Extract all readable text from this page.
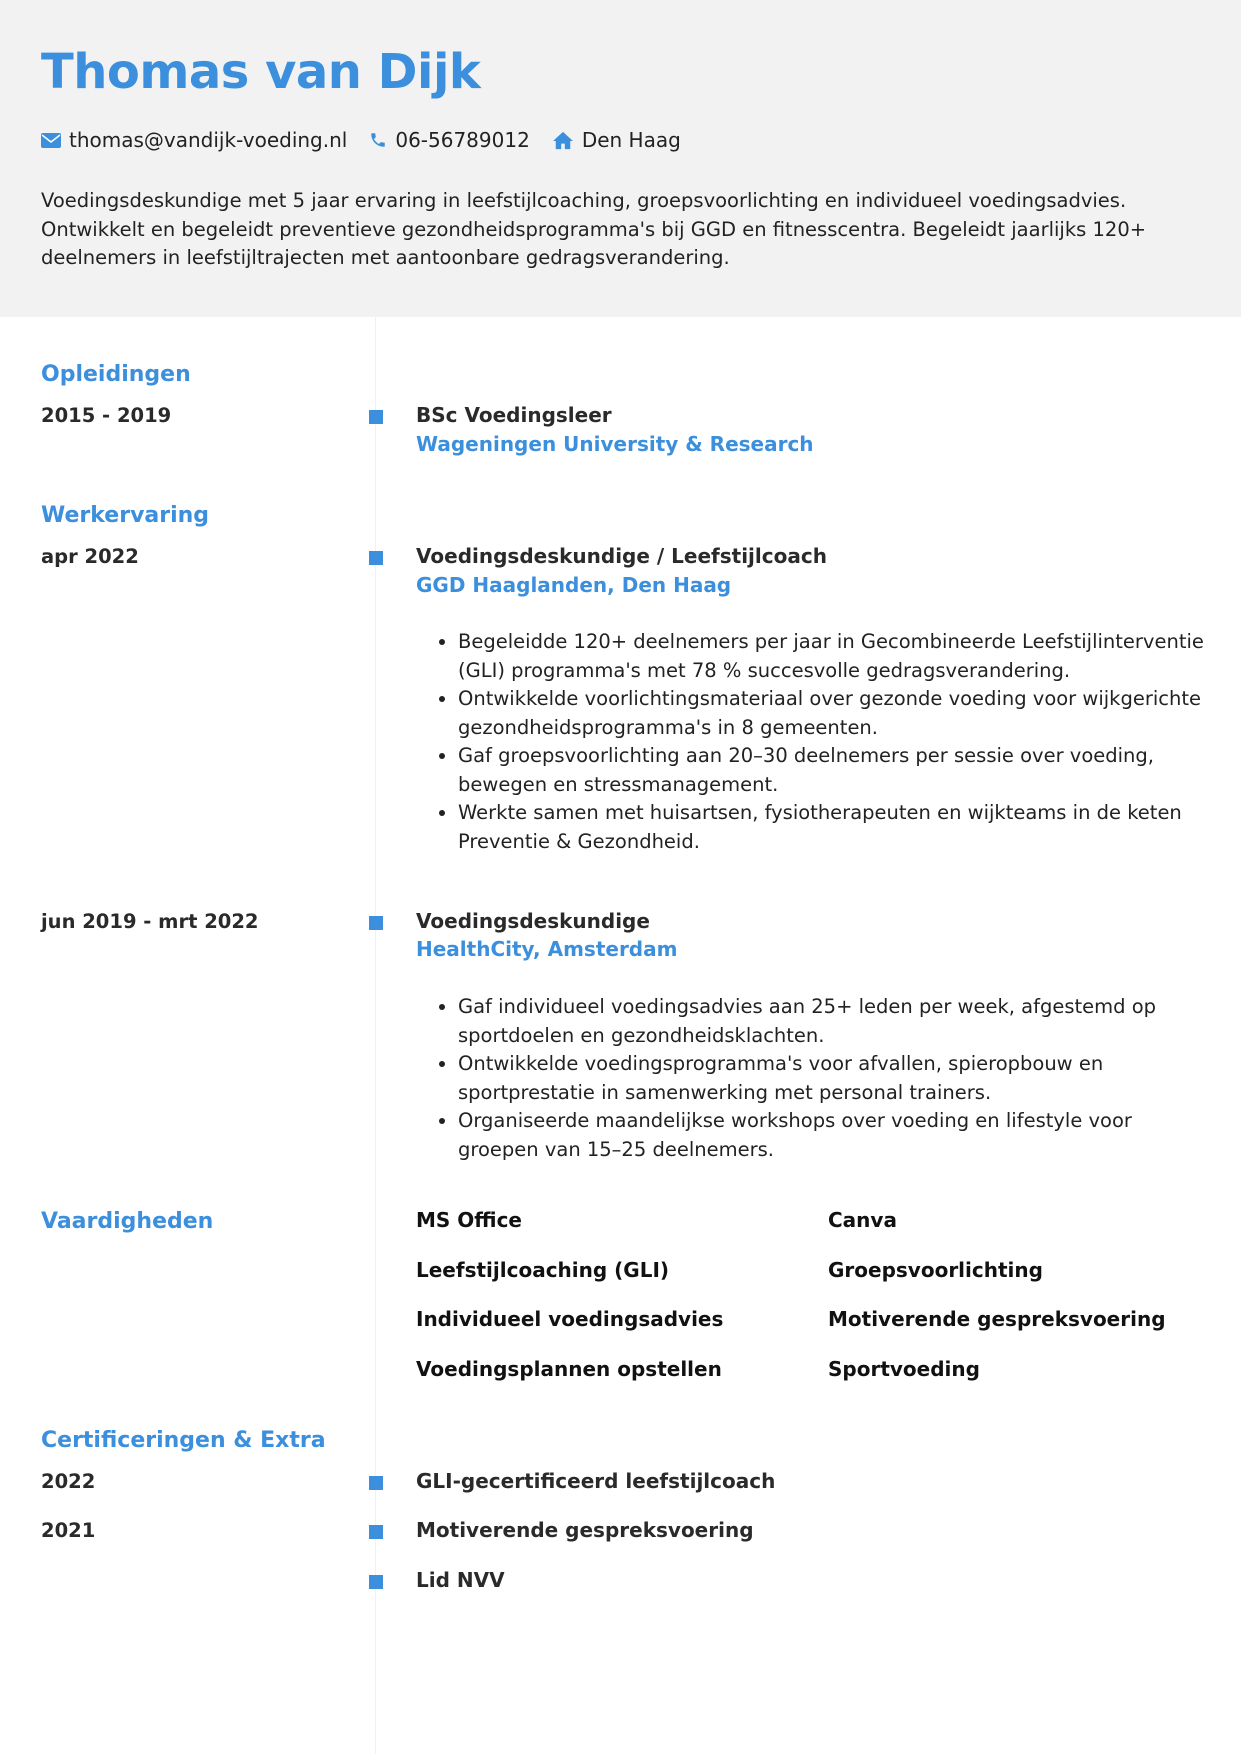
Thomas van Dijk
thomas@vandijk-voeding.nl 06-56789012	Den Haag

Voedingsdeskundige met 5 jaar ervaring in leefstijlcoaching, groepsvoorlichting en individueel voedingsadvies. Ontwikkelt en begeleidt preventieve gezondheidsprogramma's bij GGD en fitnesscentra. Begeleidt jaarlijks 120+ deelnemers in leefstijltrajecten met aantoonbare gedragsverandering.

Opleidingen
2015 - 2019	BSc Voedingsleer
Wageningen University & Research
Werkervaring
apr 2022	Voedingsdeskundige / Leefstijlcoach
GGD Haaglanden, Den Haag
• Begeleidde 120+ deelnemers per jaar in Gecombineerde Leefstijlinterventie (GLI) programma's met 78 % succesvolle gedragsverandering.
• Ontwikkelde voorlichtingsmateriaal over gezonde voeding voor wijkgerichte gezondheidsprogramma's in 8 gemeenten.
• Gaf groepsvoorlichting aan 20–30 deelnemers per sessie over voeding, bewegen en stressmanagement.
• Werkte samen met huisartsen, fysiotherapeuten en wijkteams in de keten Preventie & Gezondheid.
jun 2019 - mrt 2022	Voedingsdeskundige
HealthCity, Amsterdam
• Gaf individueel voedingsadvies aan 25+ leden per week, afgestemd op sportdoelen en gezondheidsklachten.
• Ontwikkelde voedingsprogramma's voor afvallen, spieropbouw en sportprestatie in samenwerking met personal trainers.
• Organiseerde maandelijkse workshops over voeding en lifestyle voor groepen van 15–25 deelnemers.
Vaardigheden	MS Office	Canva
Leefstijlcoaching (GLI)	Groepsvoorlichting
Individueel voedingsadvies	Motiverende gespreksvoering
Voedingsplannen opstellen	Sportvoeding
Certificeringen & Extra
2022	GLI-gecertificeerd leefstijlcoach
2021	Motiverende gespreksvoering
Lid NVV
